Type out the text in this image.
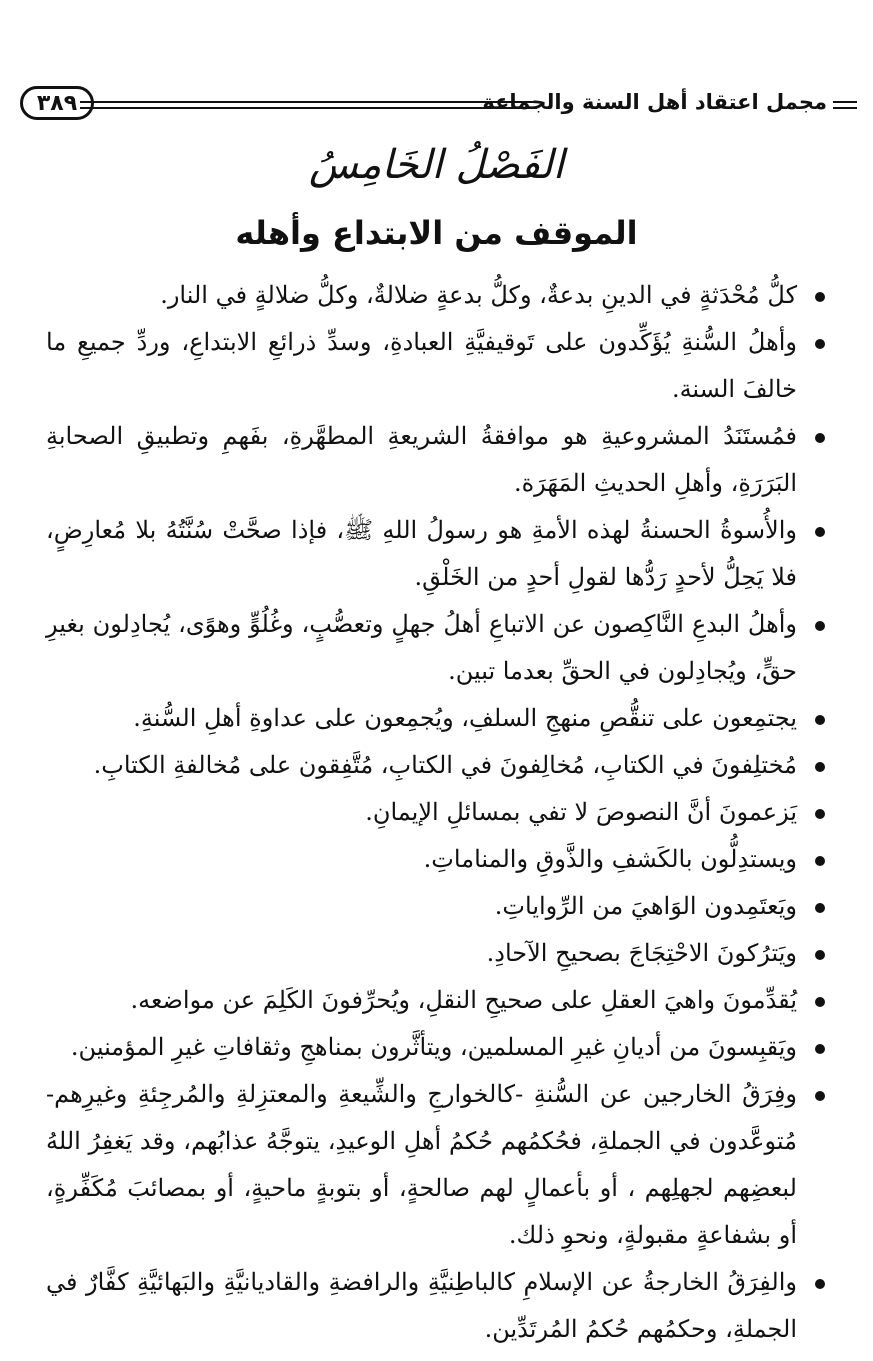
مجمل اعتقاد أهل السنة والجماعة
٣٨٩
الفَصْلُ الخَامِسُ
الموقف من الابتداع وأهله
كلُّ مُحْدَثةٍ في الدينِ بدعةٌ، وكلُّ بدعةٍ ضلالةٌ، وكلُّ ضلالةٍ في النار.
وأهلُ السُّنةِ يُؤَكِّدون على تَوقيفيَّةِ العبادةِ، وسدِّ ذرائعِ الابتداعِ، وردِّ جميعِ ما خالفَ السنة.
فمُستَنَدُ المشروعيةِ هو موافقةُ الشريعةِ المطهَّرةِ، بفَهمِ وتطبيقِ الصحابةِ البَرَرَةِ، وأهلِ الحديثِ المَهَرَة.
والأُسوةُ الحسنةُ لهذه الأمةِ هو رسولُ اللهِ ﷺ، فإذا صحَّتْ سُنَّتُهُ بلا مُعارِضٍ، فلا يَحِلُّ لأحدٍ رَدُّها لقولِ أحدٍ من الخَلْقِ.
وأهلُ البدعِ النَّاكِصون عن الاتباعِ أهلُ جهلٍ وتعصُّبٍ، وغُلُوٍّ وهوًى، يُجادِلون بغيرِ حقٍّ، ويُجادِلون في الحقِّ بعدما تبين.
يجتمِعون على تنقُّصِ منهجِ السلفِ، ويُجمِعون على عداوةِ أهلِ السُّنةِ.
مُختلِفونَ في الكتابِ، مُخالِفونَ في الكتابِ، مُتَّفِقون على مُخالفةِ الكتابِ.
يَزعمونَ أنَّ النصوصَ لا تفي بمسائلِ الإيمانِ.
ويستدِلُّون بالكَشفِ والذَّوقِ والمناماتِ.
ويَعتَمِدون الوَاهيَ من الرِّواياتِ.
ويَترُكونَ الاحْتِجَاجَ بصحيحِ الآحادِ.
يُقدِّمونَ واهيَ العقلِ على صحيحِ النقلِ، ويُحرِّفونَ الكَلِمَ عن مواضعه.
ويَقبِسونَ من أديانِ غيرِ المسلمين، ويتأثَّرون بمناهجِ وثقافاتِ غيرِ المؤمنين.
وفِرَقُ الخارجين عن السُّنةِ -كالخوارجِ والشِّيعةِ والمعتزِلةِ والمُرجِئةِ وغيرِهم- مُتوعَّدون في الجملةِ، فحُكمُهم حُكمُ أهلِ الوعيدِ، يتوجَّهُ عذابُهم، وقد يَغفِرُ اللهُ لبعضِهم لجهلِهم ، أو بأعمالٍ لهم صالحةٍ، أو بتوبةٍ ماحيةٍ، أو بمصائبَ مُكَفِّرةٍ، أو بشفاعةٍ مقبولةٍ، ونحوِ ذلك.
والفِرَقُ الخارجةُ عن الإسلامِ كالباطِنيَّةِ والرافضةِ والقاديانيَّةِ والبَهائيَّةِ كفَّارٌ في الجملةِ، وحكمُهم حُكمُ المُرتَدِّين.
